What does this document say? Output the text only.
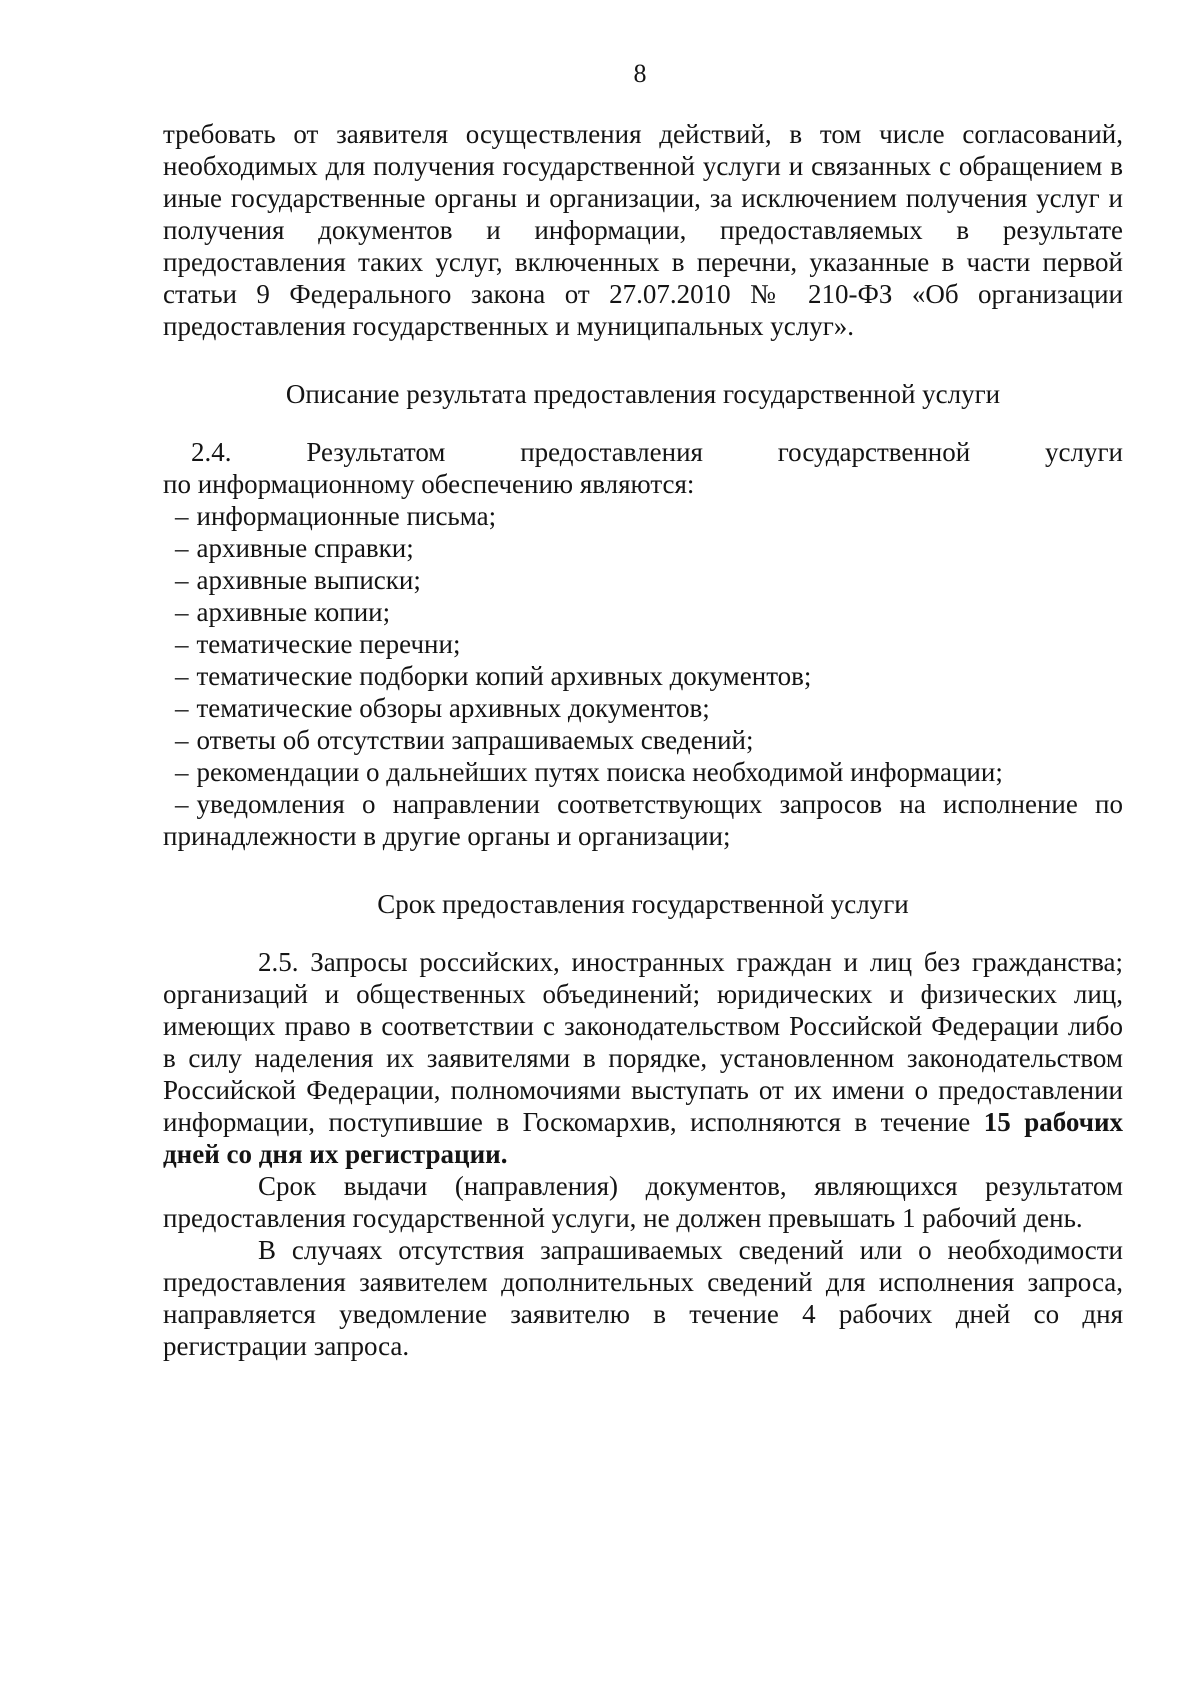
8

требовать от заявителя осуществления действий, в том числе согласований, необходимых для получения государственной услуги и связанных с обращением в иные государственные органы и организации, за исключением получения услуг и получения документов и информации, предоставляемых в результате предоставления таких услуг, включенных в перечни, указанные в части первой статьи 9 Федерального закона от 27.07.2010 № 210-ФЗ «Об организации предоставления государственных и муниципальных услуг».

Описание результата предоставления государственной услуги

2.4. Результатом предоставления государственной услуги

по информационному обеспечению являются:

– информационные письма;
– архивные справки;
– архивные выписки;
– архивные копии;
– тематические перечни;
– тематические подборки копий архивных документов;
– тематические обзоры архивных документов;
– ответы об отсутствии запрашиваемых сведений;
– рекомендации о дальнейших путях поиска необходимой информации;
– уведомления о направлении соответствующих запросов на исполнение по принадлежности в другие органы и организации;
Срок предоставления государственной услуги

2.5. Запросы российских, иностранных граждан и лиц без гражданства; организаций и общественных объединений; юридических и физических лиц, имеющих право в соответствии с законодательством Российской Федерации либо в силу наделения их заявителями в порядке, установленном законодательством Российской Федерации, полномочиями выступать от их имени о предоставлении информации, поступившие в Госкомархив, исполняются в течение 15 рабочих дней со дня их регистрации.

Срок выдачи (направления) документов, являющихся результатом предоставления государственной услуги, не должен превышать 1 рабочий день.

В случаях отсутствия запрашиваемых сведений или о необходимости предоставления заявителем дополнительных сведений для исполнения запроса, направляется уведомление заявителю в течение 4 рабочих дней со дня регистрации запроса.
